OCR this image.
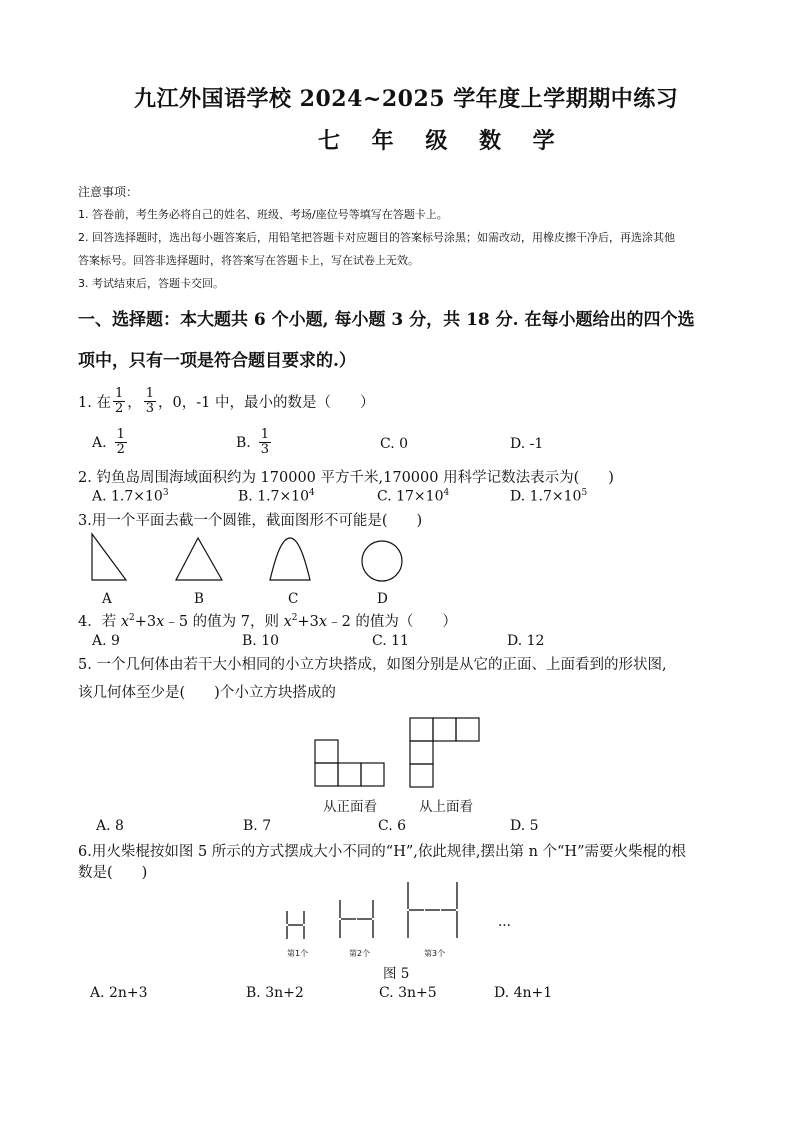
九江外国语学校 2024~2025 学年度上学期期中练习
七 年 级 数 学
注意事项：
1. 答卷前，考生务必将自己的姓名、班级、考场/座位号等填写在答题卡上。
2. 回答选择题时，选出每小题答案后，用铅笔把答题卡对应题目的答案标号涂黑；如需改动，用橡皮擦干净后，再选涂其他
答案标号。回答非选择题时，将答案写在答题卡上，写在试卷上无效。
3. 考试结束后，答题卡交回。
一、选择题：本大题共 6 个小题, 每小题 3 分，共 18 分. 在每小题给出的四个选
项中，只有一项是符合题目要求的.）
1. 在 $\frac{1}{2}$ ， $\frac{1}{3}$ ，0，-1 中，最小的数是（　　）
A. $\frac{1}{2}$	B. $\frac{1}{3}$	C. 0	D. -1
2. 钓鱼岛周围海域面积约为 170000 平方千米,170000 用科学记数法表示为(　　)
A. $1.7\times 10^3$	B. $1.7\times 10^4$	C. $17\times 10^4$	D. $1.7\times 10^5$
3.用一个平面去截一个圆锥，截面图形不可能是(　　)
A	B	C	D
4．若 $x^2+3x﹣5$ 的值为 7，则 $x^2+3x﹣2$ 的值为（　　）
A. 9	B. 10	C. 11	D. 12
5. 一个几何体由若干大小相同的小立方块搭成，如图分别是从它的正面、上面看到的形状图,
该几何体至少是(　　)个小立方块搭成的
从正面看	从上面看
A. 8	B. 7	C. 6	D. 5
6.用火柴棍按如图 5 所示的方式摆成大小不同的“H”,依此规律,摆出第 n 个“H”需要火柴棍的根
数是(　　)
...
第1个	第2个	第3个
图 5
A. 2n+3	B. 3n+2	C. 3n+5	D. 4n+1
